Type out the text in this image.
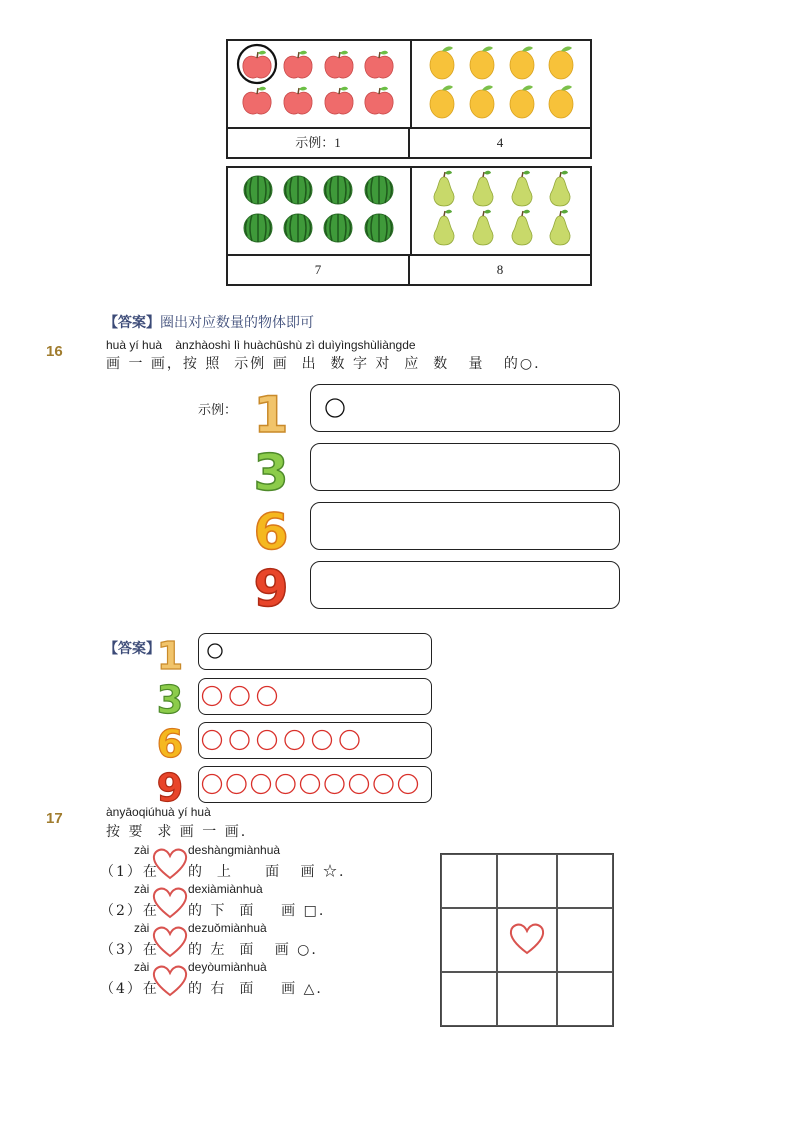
示例：1	4
7	8
【答案】圈出对应数量的物体即可
16	huà yí huà    ànzhàoshì lì huàchūshù zì duìyìngshùliàngde
画 一 画，按 照  示例 画  出  数 字 对  应  数   量   的○.
示例： 1
3
6
9
【答案】
1
3
6
9
17	ànyāoqiúhuà yí huà
按 要  求 画 一 画.
zài	deshàngmiànhuà
（1）在 的  上     面   画 ☆.
zài	dexiàmiànhuà
（2）在 的 下  面    画 □.
zài	dezuǒmiànhuà
（3）在 的 左  面   画 ○.
zài	deyòumiànhuà
（4）在 的 右  面    画 △.
